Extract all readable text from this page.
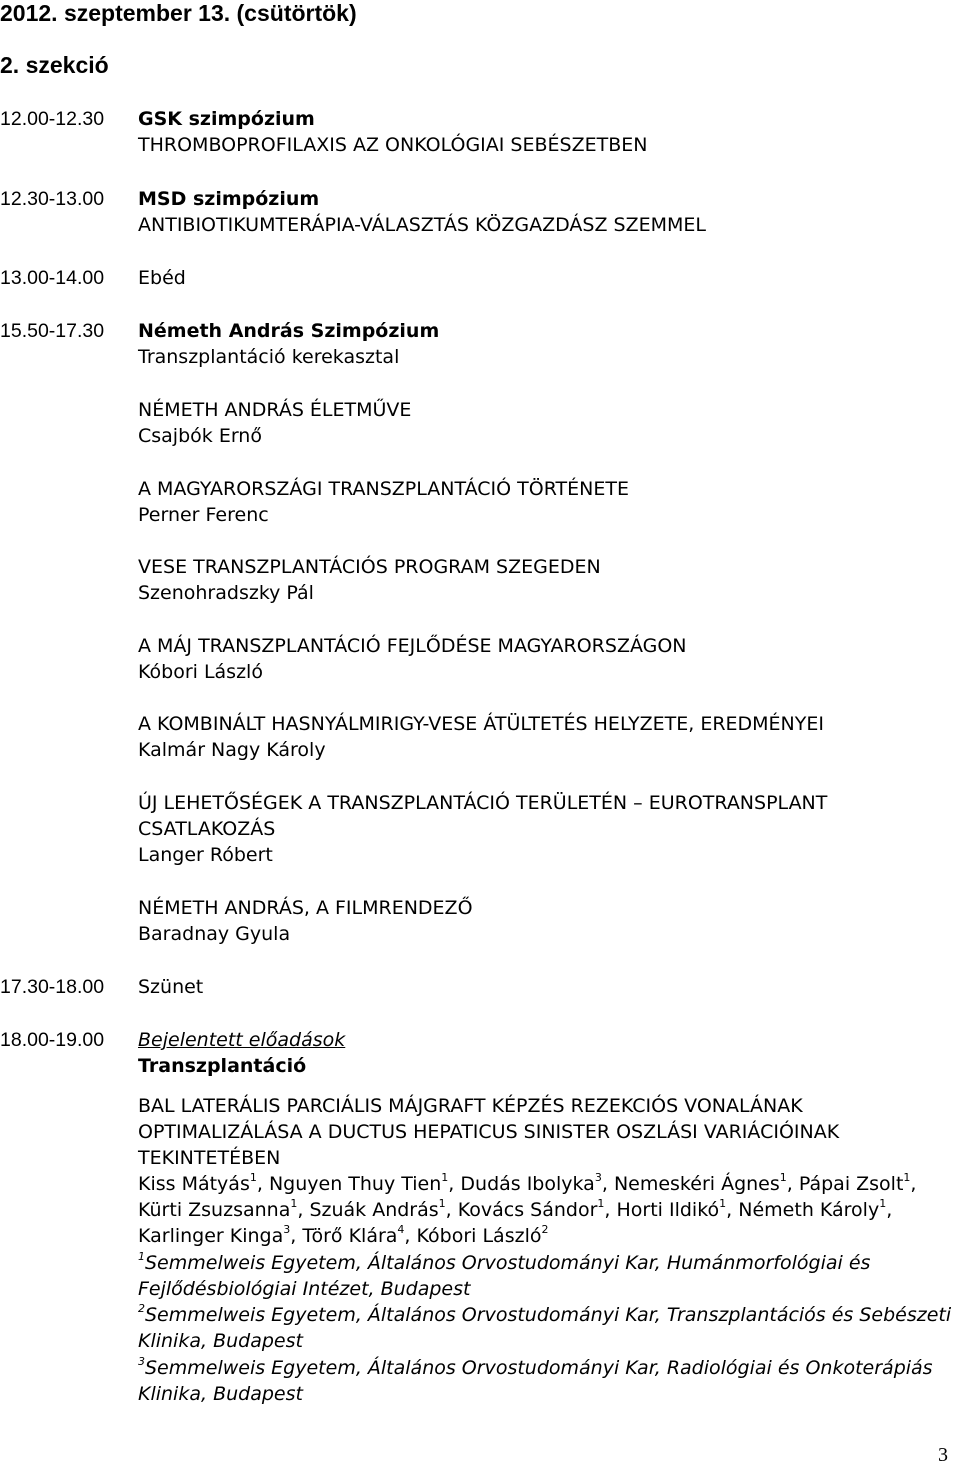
2012. szeptember 13. (csütörtök)
2. szekció
12.00-12.30 GSK szimpózium
THROMBOPROFILAXIS AZ ONKOLÓGIAI SEBÉSZETBEN
12.30-13.00 MSD szimpózium
ANTIBIOTIKUMTERÁPIA-VÁLASZTÁS KÖZGAZDÁSZ SZEMMEL
13.00-14.00 Ebéd
15.50-17.30 Németh András Szimpózium
Transzplantáció kerekasztal
NÉMETH ANDRÁS ÉLETMŰVE
Csajbók Ernő
A MAGYARORSZÁGI TRANSZPLANTÁCIÓ TÖRTÉNETE
Perner Ferenc
VESE TRANSZPLANTÁCIÓS PROGRAM SZEGEDEN
Szenohradszky Pál
A MÁJ TRANSZPLANTÁCIÓ FEJLŐDÉSE MAGYARORSZÁGON
Kóbori László
A KOMBINÁLT HASNYÁLMIRIGY-VESE ÁTÜLTETÉS HELYZETE, EREDMÉNYEI
Kalmár Nagy Károly
ÚJ LEHETŐSÉGEK A TRANSZPLANTÁCIÓ TERÜLETÉN – EUROTRANSPLANT
CSATLAKOZÁS
Langer Róbert
NÉMETH ANDRÁS, A FILMRENDEZŐ
Baradnay Gyula
17.30-18.00 Szünet
18.00-19.00 Bejelentett előadások
Transzplantáció
BAL LATERÁLIS PARCIÁLIS MÁJGRAFT KÉPZÉS REZEKCIÓS VONALÁNAK
OPTIMALIZÁLÁSA A DUCTUS HEPATICUS SINISTER OSZLÁSI VARIÁCIÓINAK
TEKINTETÉBEN
Kiss Mátyás$^1$, Nguyen Thuy Tien$^1$, Dudás Ibolyka$^3$, Nemeskéri Ágnes$^1$, Pápai Zsolt$^1$,
Kürti Zsuzsanna$^1$, Szuák András$^1$, Kovács Sándor$^1$, Horti Ildikó$^1$, Németh Károly$^1$,
Karlinger Kinga$^3$, Törő Klára$^4$, Kóbori László$^2$
$^1$Semmelweis Egyetem, Általános Orvostudományi Kar, Humánmorfológiai és
Fejlődésbiológiai Intézet, Budapest
$^2$Semmelweis Egyetem, Általános Orvostudományi Kar, Transzplantációs és Sebészeti
Klinika, Budapest
$^3$Semmelweis Egyetem, Általános Orvostudományi Kar, Radiológiai és Onkoterápiás
Klinika, Budapest
3
